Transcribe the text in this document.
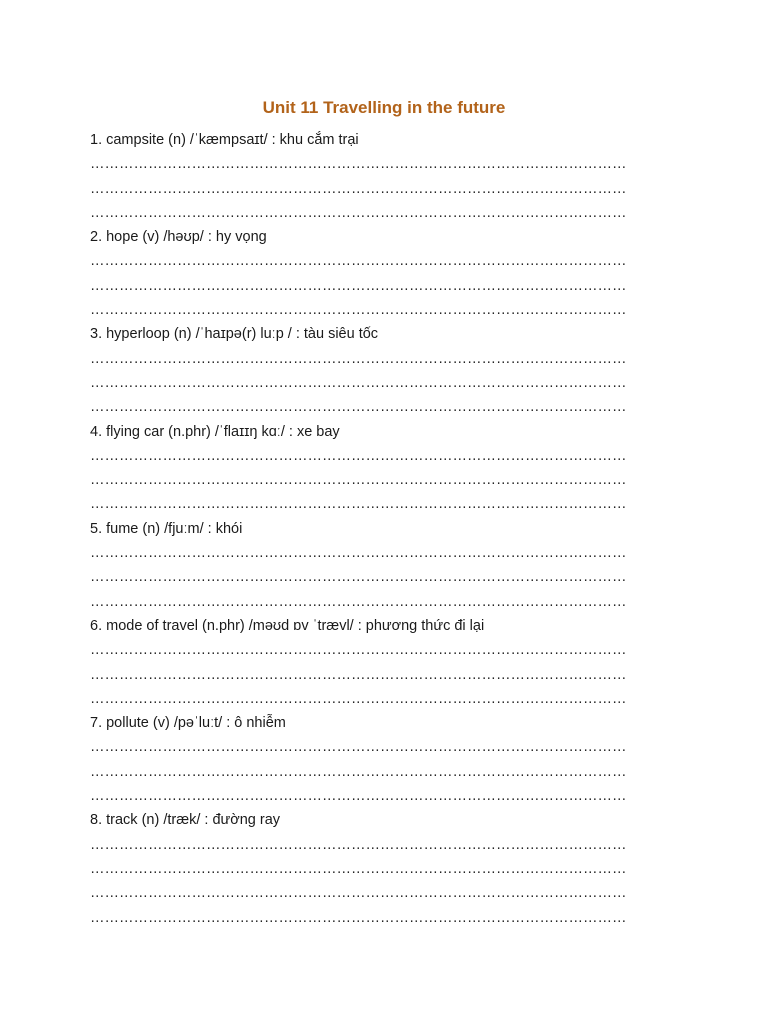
Unit 11 Travelling in the future
1. campsite (n) /ˈkæmpsaɪt/ : khu cắm trại
…………………………………………………………………………………………………
…………………………………………………………………………………………………
…………………………………………………………………………………………………
2. hope (v) /həʊp/ : hy vọng
…………………………………………………………………………………………………
…………………………………………………………………………………………………
…………………………………………………………………………………………………
3. hyperloop (n) /ˈhaɪpə(r) luːp / : tàu siêu tốc
…………………………………………………………………………………………………
…………………………………………………………………………………………………
…………………………………………………………………………………………………
4. flying car (n.phr) /ˈflaɪɪŋ kɑː/ : xe bay
…………………………………………………………………………………………………
…………………………………………………………………………………………………
…………………………………………………………………………………………………
5. fume (n) /fjuːm/ : khói
…………………………………………………………………………………………………
…………………………………………………………………………………………………
…………………………………………………………………………………………………
6. mode of travel (n.phr) /məʊd ɒv ˈtrævl/ : phương thức đi lại
…………………………………………………………………………………………………
…………………………………………………………………………………………………
…………………………………………………………………………………………………
7. pollute (v) /pəˈluːt/ : ô nhiễm
…………………………………………………………………………………………………
…………………………………………………………………………………………………
…………………………………………………………………………………………………
8. track (n) /træk/ : đường ray
…………………………………………………………………………………………………
…………………………………………………………………………………………………
…………………………………………………………………………………………………
…………………………………………………………………………………………………
